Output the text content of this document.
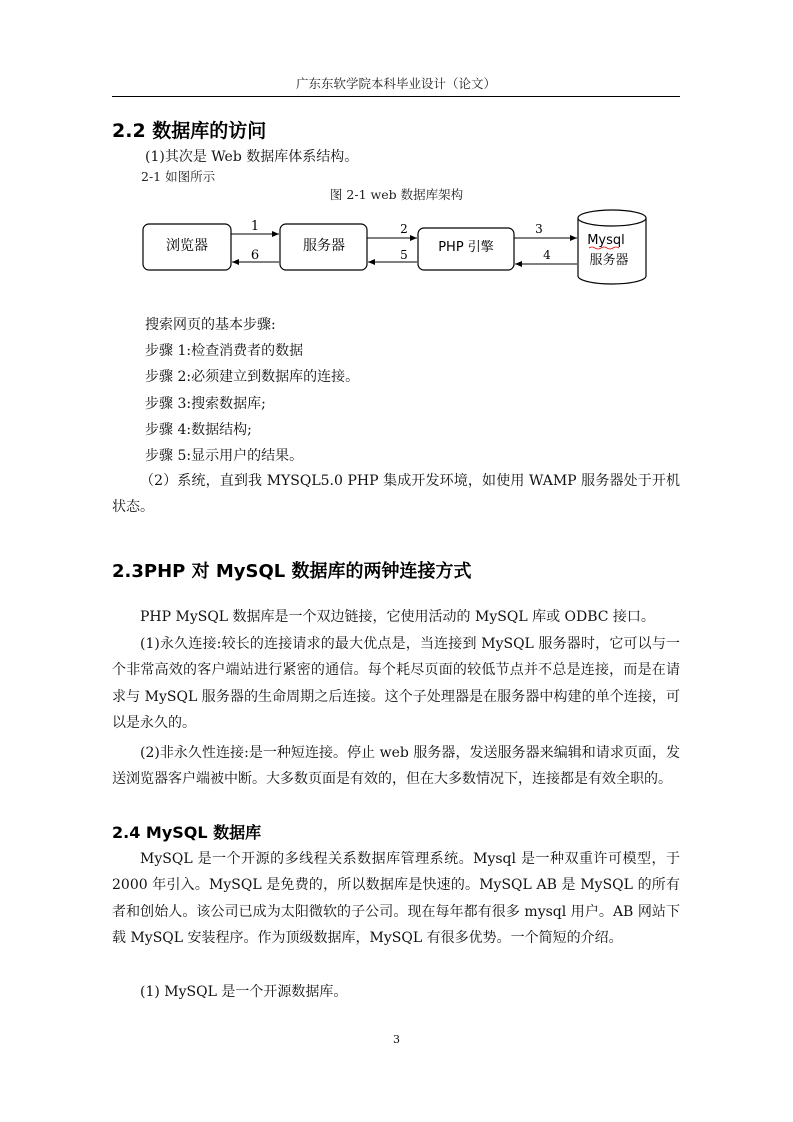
广东东软学院本科毕业设计（论文）
2.2 数据库的访问
(1)其次是 Web 数据库体系结构。
2-1 如图所示
图 2-1 web 数据库架构
浏览器	服务器	PHP 引擎	Mysql
服务器
1
6
2
5
3
4
搜索网页的基本步骤:
步骤 1:检查消费者的数据
步骤 2:必须建立到数据库的连接。
步骤 3:搜索数据库;
步骤 4:数据结构;
步骤 5:显示用户的结果。

（2）系统，直到我 MYSQL5.0 PHP 集成开发环境，如使用 WAMP 服务器处于开机状态。

2.3PHP 对 MySQL 数据库的两钟连接方式

PHP MySQL 数据库是一个双边链接，它使用活动的 MySQL 库或 ODBC 接口。

(1)永久连接:较长的连接请求的最大优点是，当连接到 MySQL 服务器时，它可以与一个非常高效的客户端站进行紧密的通信。每个耗尽页面的较低节点并不总是连接，而是在请求与 MySQL 服务器的生命周期之后连接。这个子处理器是在服务器中构建的单个连接，可以是永久的。

(2)非永久性连接:是一种短连接。停止 web 服务器，发送服务器来编辑和请求页面，发送浏览器客户端被中断。大多数页面是有效的，但在大多数情况下，连接都是有效全职的。

2.4 MySQL 数据库

MySQL 是一个开源的多线程关系数据库管理系统。Mysql 是一种双重许可模型，于 2000 年引入。MySQL 是免费的，所以数据库是快速的。MySQL AB 是 MySQL 的所有者和创始人。该公司已成为太阳微软的子公司。现在每年都有很多 mysql 用户。AB 网站下载 MySQL 安装程序。作为顶级数据库，MySQL 有很多优势。一个简短的介绍。

(1) MySQL 是一个开源数据库。

3
